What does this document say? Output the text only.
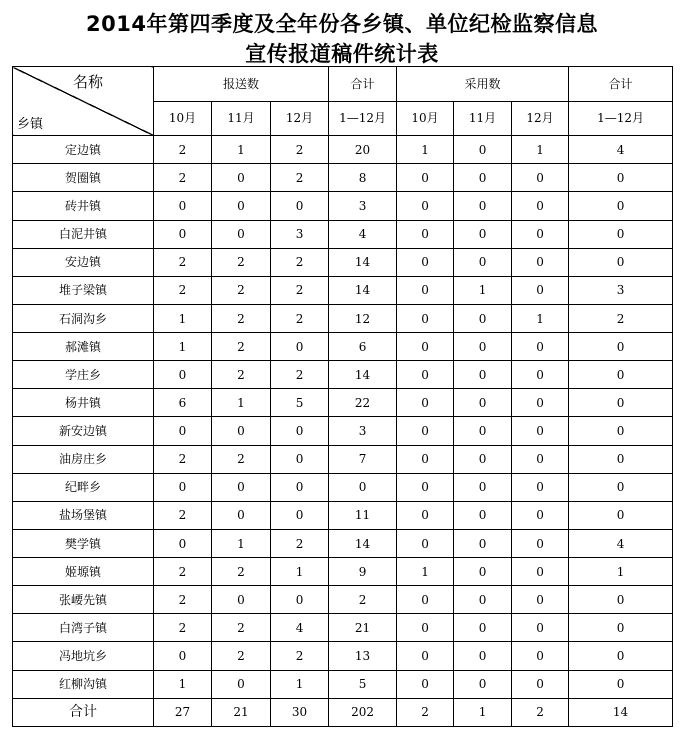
2014年第四季度及全年份各乡镇、单位纪检监察信息
宣传报道稿件统计表
名称
乡镇	报送数			合计	采用数			合计
	10月	11月	12月	1—12月	10月	11月	12月	1—12月
定边镇	2	1	2	20	1	0	1	4
贺圈镇	2	0	2	8	0	0	0	0
砖井镇	0	0	0	3	0	0	0	0
白泥井镇	0	0	3	4	0	0	0	0
安边镇	2	2	2	14	0	0	0	0
堆子梁镇	2	2	2	14	0	1	0	3
石洞沟乡	1	2	2	12	0	0	1	2
郝滩镇	1	2	0	6	0	0	0	0
学庄乡	0	2	2	14	0	0	0	0
杨井镇	6	1	5	22	0	0	0	0
新安边镇	0	0	0	3	0	0	0	0
油房庄乡	2	2	0	7	0	0	0	0
纪畔乡	0	0	0	0	0	0	0	0
盐场堡镇	2	0	0	11	0	0	0	0
樊学镇	0	1	2	14	0	0	0	4
姬塬镇	2	2	1	9	1	0	0	1
张崾先镇	2	0	0	2	0	0	0	0
白湾子镇	2	2	4	21	0	0	0	0
冯地坑乡	0	2	2	13	0	0	0	0
红柳沟镇	1	0	1	5	0	0	0	0
合计	27	21	30	202	2	1	2	14
